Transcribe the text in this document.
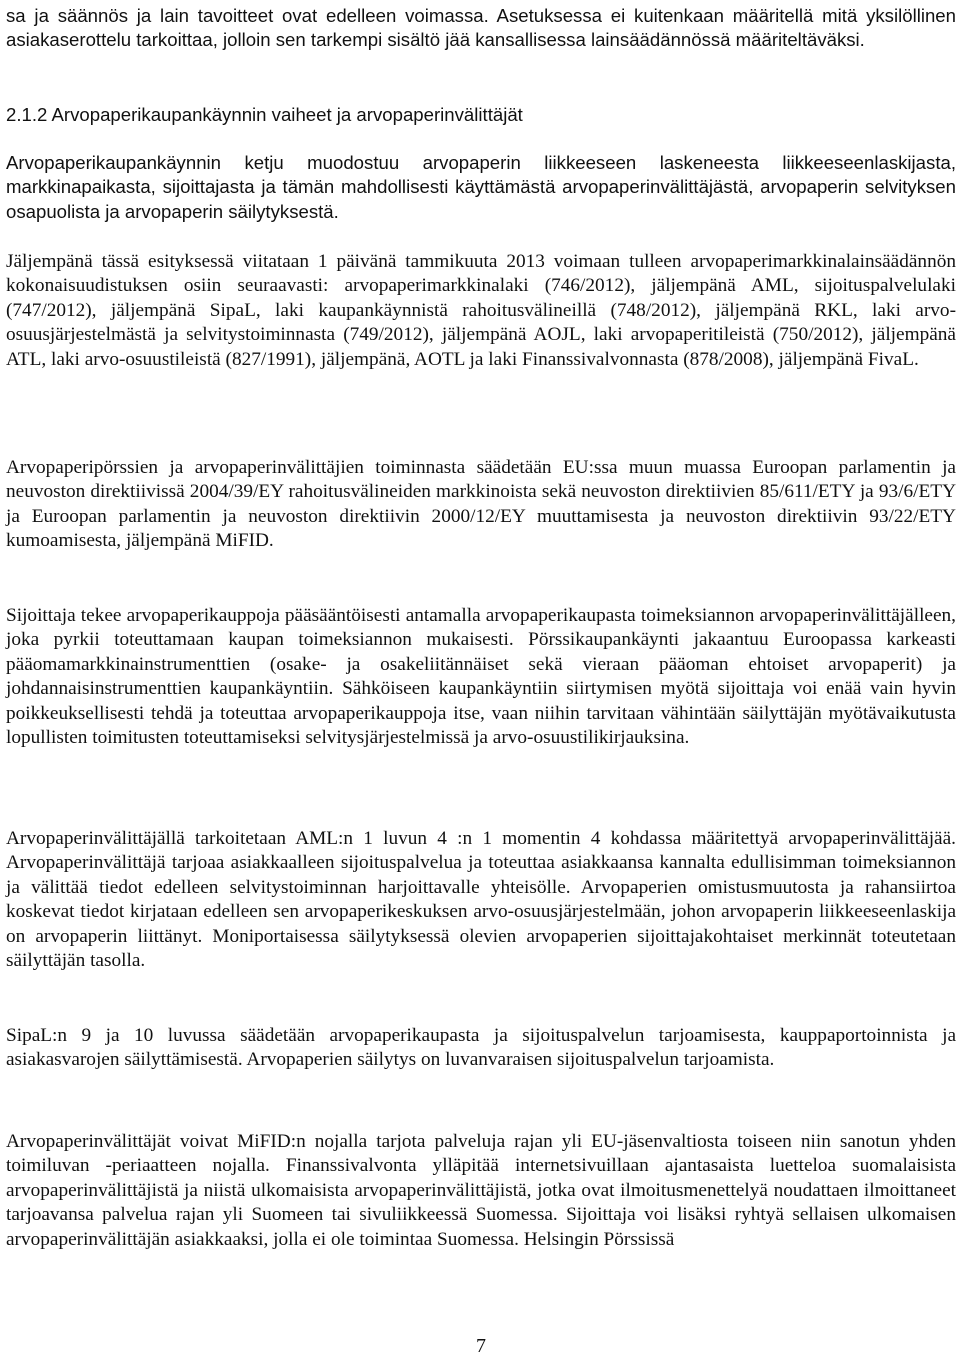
sa ja säännös ja lain tavoitteet ovat edelleen voimassa. Asetuksessa ei kuitenkaan määritellä mitä yksilöllinen asiakaserottelu tarkoittaa, jolloin sen tarkempi sisältö jää kansallisessa lainsäädännössä määriteltäväksi.

2.1.2 Arvopaperikaupankäynnin vaiheet ja arvopaperinvälittäjät

Arvopaperikaupankäynnin ketju muodostuu arvopaperin liikkeeseen laskeneesta liikkeeseenlaskijasta, markkinapaikasta, sijoittajasta ja tämän mahdollisesti käyttämästä arvopaperinvälittäjästä, arvopaperin selvityksen osapuolista ja arvopaperin säilytyksestä.

Jäljempänä tässä esityksessä viitataan 1 päivänä tammikuuta 2013 voimaan tulleen arvopaperimarkkinalainsäädännön kokonaisuudistuksen osiin seuraavasti: arvopaperimarkkinalaki (746/2012), jäljempänä AML, sijoituspalvelulaki (747/2012), jäljempänä SipaL, laki kaupankäynnistä rahoitusvälineillä (748/2012), jäljempänä RKL, laki arvo-osuusjärjestelmästä ja selvitystoiminnasta (749/2012), jäljempänä AOJL, laki arvopaperitileistä (750/2012), jäljempänä ATL, laki arvo-osuustileistä (827/1991), jäljempänä, AOTL ja laki Finanssivalvonnasta (878/2008), jäljempänä FivaL.

Arvopaperipörssien ja arvopaperinvälittäjien toiminnasta säädetään EU:ssa muun muassa Euroopan parlamentin ja neuvoston direktiivissä 2004/39/EY rahoitusvälineiden markkinoista sekä neuvoston direktiivien 85/611/ETY ja 93/6/ETY ja Euroopan parlamentin ja neuvoston direktiivin 2000/12/EY muuttamisesta ja neuvoston direktiivin 93/22/ETY kumoamisesta, jäljempänä MiFID.

Sijoittaja tekee arvopaperikauppoja pääsääntöisesti antamalla arvopaperikaupasta toimeksiannon arvopaperinvälittäjälleen, joka pyrkii toteuttamaan kaupan toimeksiannon mukaisesti. Pörssikaupankäynti jakaantuu Euroopassa karkeasti pääomamarkkinainstrumenttien (osake- ja osakeliitännäiset sekä vieraan pääoman ehtoiset arvopaperit) ja johdannaisinstrumenttien kaupankäyntiin. Sähköiseen kaupankäyntiin siirtymisen myötä sijoittaja voi enää vain hyvin poikkeuksellisesti tehdä ja toteuttaa arvopaperikauppoja itse, vaan niihin tarvitaan vähintään säilyttäjän myötävaikutusta lopullisten toimitusten toteuttamiseksi selvitysjärjestelmissä ja arvo-osuustilikirjauksina.

Arvopaperinvälittäjällä tarkoitetaan AML:n 1 luvun 4 :n 1 momentin 4 kohdassa määritettyä arvopaperinvälittäjää. Arvopaperinvälittäjä tarjoaa asiakkaalleen sijoituspalvelua ja toteuttaa asiakkaansa kannalta edullisimman toimeksiannon ja välittää tiedot edelleen selvitystoiminnan harjoittavalle yhteisölle. Arvopaperien omistusmuutosta ja rahansiirtoa koskevat tiedot kirjataan edelleen sen arvopaperikeskuksen arvo-osuusjärjestelmään, johon arvopaperin liikkeeseenlaskija on arvopaperin liittänyt. Moniportaisessa säilytyksessä olevien arvopaperien sijoittajakohtaiset merkinnät toteutetaan säilyttäjän tasolla.

SipaL:n 9 ja 10 luvussa säädetään arvopaperikaupasta ja sijoituspalvelun tarjoamisesta, kauppaportoinnista ja asiakasvarojen säilyttämisestä. Arvopaperien säilytys on luvanvaraisen sijoituspalvelun tarjoamista.

Arvopaperinvälittäjät voivat MiFID:n nojalla tarjota palveluja rajan yli EU-jäsenvaltiosta toiseen niin sanotun yhden toimiluvan -periaatteen nojalla. Finanssivalvonta ylläpitää internetsivuillaan ajantasaista luetteloa suomalaisista arvopaperinvälittäjistä ja niistä ulkomaisista arvopaperinvälittäjistä, jotka ovat ilmoitusmenettelyä noudattaen ilmoittaneet tarjoavansa palvelua rajan yli Suomeen tai sivuliikkeessä Suomessa. Sijoittaja voi lisäksi ryhtyä sellaisen ulkomaisen arvopaperinvälittäjän asiakkaaksi, jolla ei ole toimintaa Suomessa. Helsingin Pörssissä

7
